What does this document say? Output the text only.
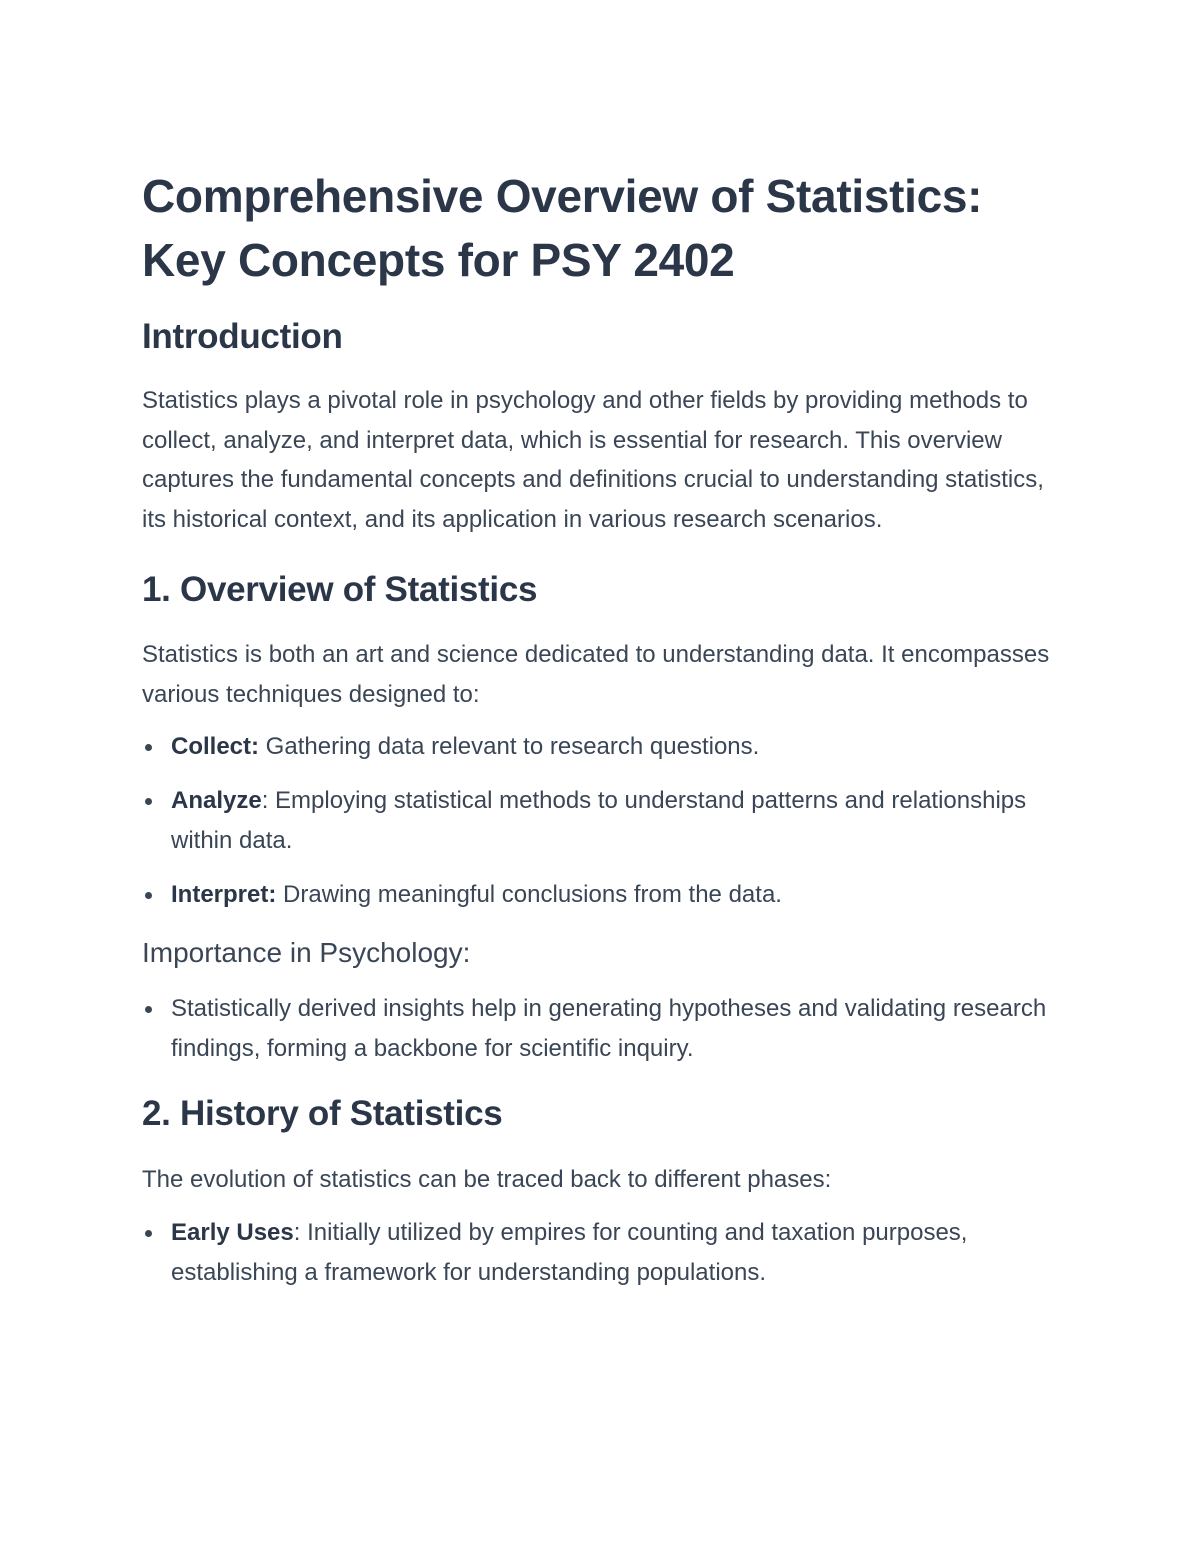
Comprehensive Overview of Statistics: Key Concepts for PSY 2402
Introduction

Statistics plays a pivotal role in psychology and other fields by providing methods to collect, analyze, and interpret data, which is essential for research. This overview captures the fundamental concepts and definitions crucial to understanding statistics, its historical context, and its application in various research scenarios.

1. Overview of Statistics

Statistics is both an art and science dedicated to understanding data. It encompasses various techniques designed to:

Collect: Gathering data relevant to research questions.
Analyze: Employing statistical methods to understand patterns and relationships within data.
Interpret: Drawing meaningful conclusions from the data.
Importance in Psychology:
Statistically derived insights help in generating hypotheses and validating research findings, forming a backbone for scientific inquiry.
2. History of Statistics

The evolution of statistics can be traced back to different phases:

Early Uses: Initially utilized by empires for counting and taxation purposes, establishing a framework for understanding populations.
